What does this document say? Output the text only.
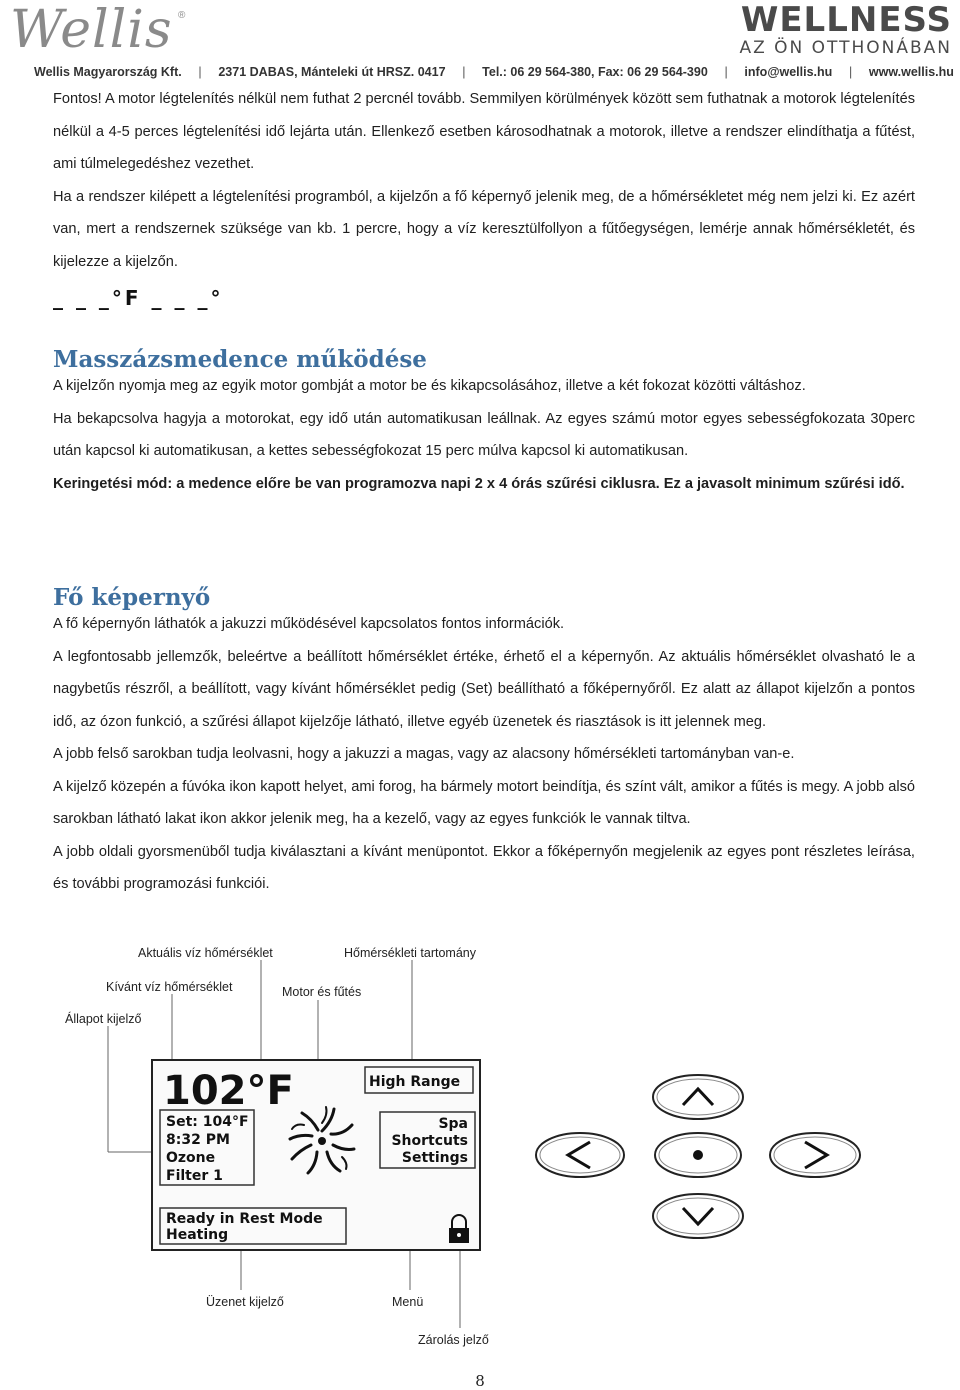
Wellis ®	WELLNESS
AZ ÖN OTTHONÁBAN
Wellis Magyarország Kft. | 2371 DABAS, Mánteleki út HRSZ. 0417 | Tel.: 06 29 564-380, Fax: 06 29 564-390 | info@wellis.hu | www.wellis.hu

Fontos! A motor légtelenítés nélkül nem futhat 2 percnél tovább. Semmilyen körülmények között sem futhatnak a motorok légtelenítés nélkül a 4-5 perces légtelenítési idő lejárta után. Ellenkező esetben károsodhatnak a motorok, illetve a rendszer elindíthatja a fűtést, ami túlmelegedéshez vezethet.

Ha a rendszer kilépett a légtelenítési programból, a kijelzőn a fő képernyő jelenik meg, de a hőmérsékletet még nem jelzi ki. Ez azért van, mert a rendszernek szüksége van kb. 1 percre, hogy a víz keresztülfollyon a fűtőegységen, lemérje annak hőmérsékletét, és kijelezze a kijelzőn.

_ _ _°F _ _ _°
Masszázsmedence működése

A kijelzőn nyomja meg az egyik motor gombját a motor be és kikapcsolásához, illetve a két fokozat közötti váltáshoz.

Ha bekapcsolva hagyja a motorokat, egy idő után automatikusan leállnak. Az egyes számú motor egyes sebességfokozata 30perc után kapcsol ki automatikusan, a kettes sebességfokozat 15 perc múlva kapcsol ki automatikusan.

Keringetési mód: a medence előre be van programozva napi 2 x 4 órás szűrési ciklusra. Ez a javasolt minimum szűrési idő.

Fő képernyő

A fő képernyőn láthatók a jakuzzi működésével kapcsolatos fontos információk.

A legfontosabb jellemzők, beleértve a beállított hőmérséklet értéke, érhető el a képernyőn. Az aktuális hőmérséklet olvasható le a nagybetűs részről, a beállított, vagy kívánt hőmérséklet pedig (Set) beállítható a főképernyőről. Ez alatt az állapot kijelzőn a pontos idő, az ózon funkció, a szűrési állapot kijelzője látható, illetve egyéb üzenetek és riasztások is itt jelennek meg.

A jobb felső sarokban tudja leolvasni, hogy a jakuzzi a magas, vagy az alacsony hőmérsékleti tartományban van-e.

A kijelző közepén a fúvóka ikon kapott helyet, ami forog, ha bármely motort beindítja, és színt vált, amikor a fűtés is megy. A jobb alsó sarokban látható lakat ikon akkor jelenik meg, ha a kezelő, vagy az egyes funkciók le vannak tiltva.

A jobb oldali gyorsmenüből tudja kiválasztani a kívánt menüpontot. Ekkor a főképernyőn megjelenik az egyes pont részletes leírása, és további programozási funkciói.

Aktuális víz hőmérséklet	Hőmérsékleti tartomány
Kívánt víz hőmérséklet	Motor és fűtés
Állapot kijelző
Üzenet kijelző	Menü
Zárolás jelző
102°F	High Range
Set: 104°F
8:32 PM
Ozone
Filter 1
Spa
Shortcuts
Settings
Ready in Rest Mode
Heating
8
